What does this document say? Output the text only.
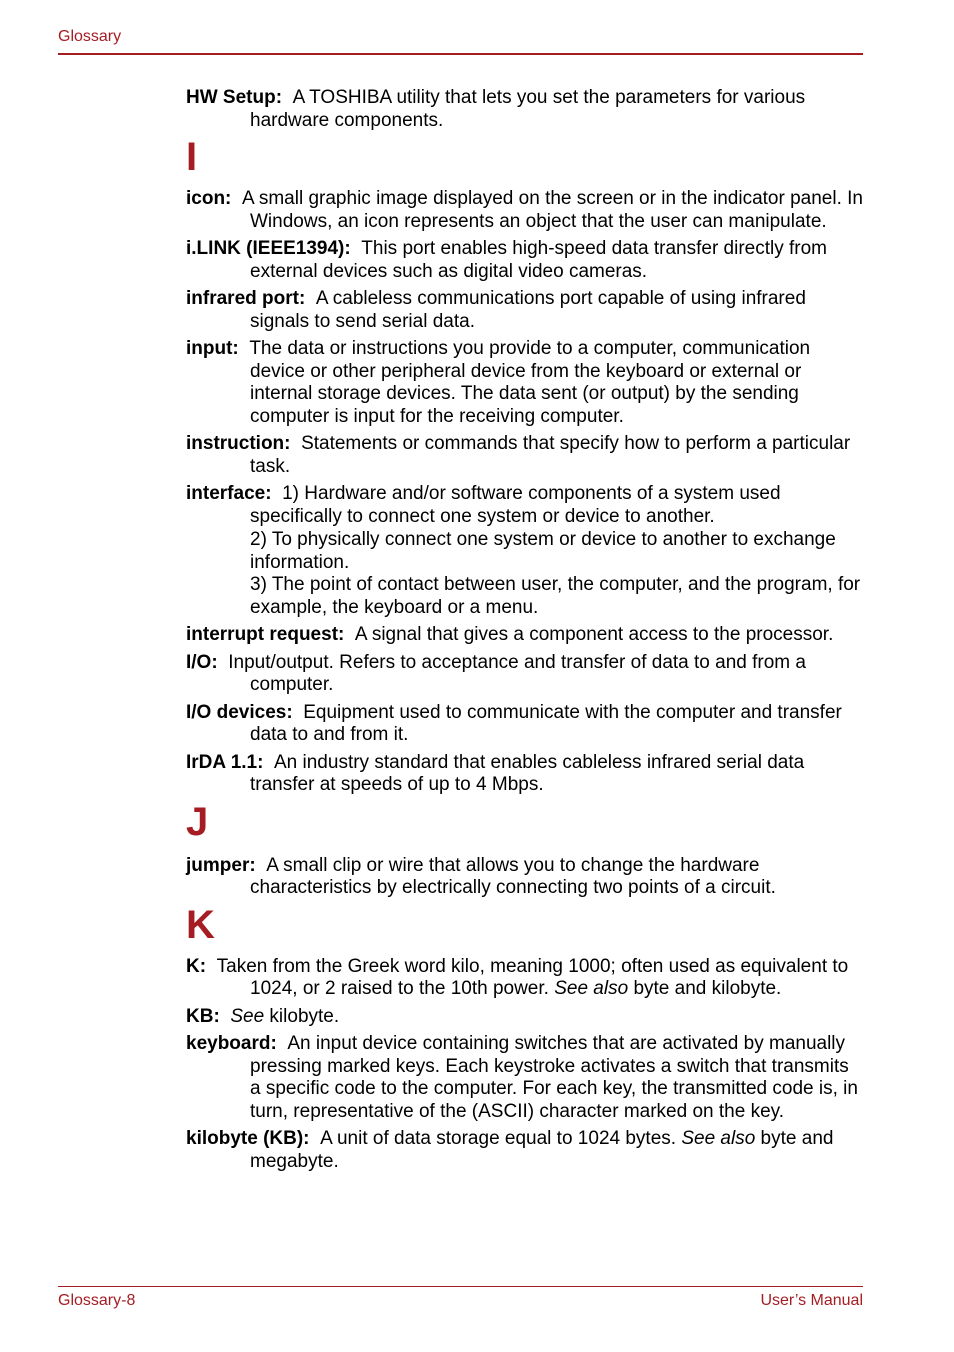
Glossary

HW Setup: A TOSHIBA utility that lets you set the parameters for various hardware components.

I

icon: A small graphic image displayed on the screen or in the indicator panel. In Windows, an icon represents an object that the user can manipulate.

i.LINK (IEEE1394): This port enables high-speed data transfer directly from external devices such as digital video cameras.

infrared port: A cableless communications port capable of using infrared signals to send serial data.

input: The data or instructions you provide to a computer, communication device or other peripheral device from the keyboard or external or internal storage devices. The data sent (or output) by the sending computer is input for the receiving computer.

instruction: Statements or commands that specify how to perform a particular task.

interface: 1) Hardware and/or software components of a system used specifically to connect one system or device to another.
2) To physically connect one system or device to another to exchange information.
3) The point of contact between user, the computer, and the program, for example, the keyboard or a menu.

interrupt request: A signal that gives a component access to the processor.

I/O: Input/output. Refers to acceptance and transfer of data to and from a computer.

I/O devices: Equipment used to communicate with the computer and transfer data to and from it.

IrDA 1.1: An industry standard that enables cableless infrared serial data transfer at speeds of up to 4 Mbps.

J

jumper: A small clip or wire that allows you to change the hardware characteristics by electrically connecting two points of a circuit.

K

K: Taken from the Greek word kilo, meaning 1000; often used as equivalent to 1024, or 2 raised to the 10th power. See also byte and kilobyte.

KB: See kilobyte.

keyboard: An input device containing switches that are activated by manually pressing marked keys. Each keystroke activates a switch that transmits a specific code to the computer. For each key, the transmitted code is, in turn, representative of the (ASCII) character marked on the key.

kilobyte (KB): A unit of data storage equal to 1024 bytes. See also byte and megabyte.

Glossary-8	User’s Manual
